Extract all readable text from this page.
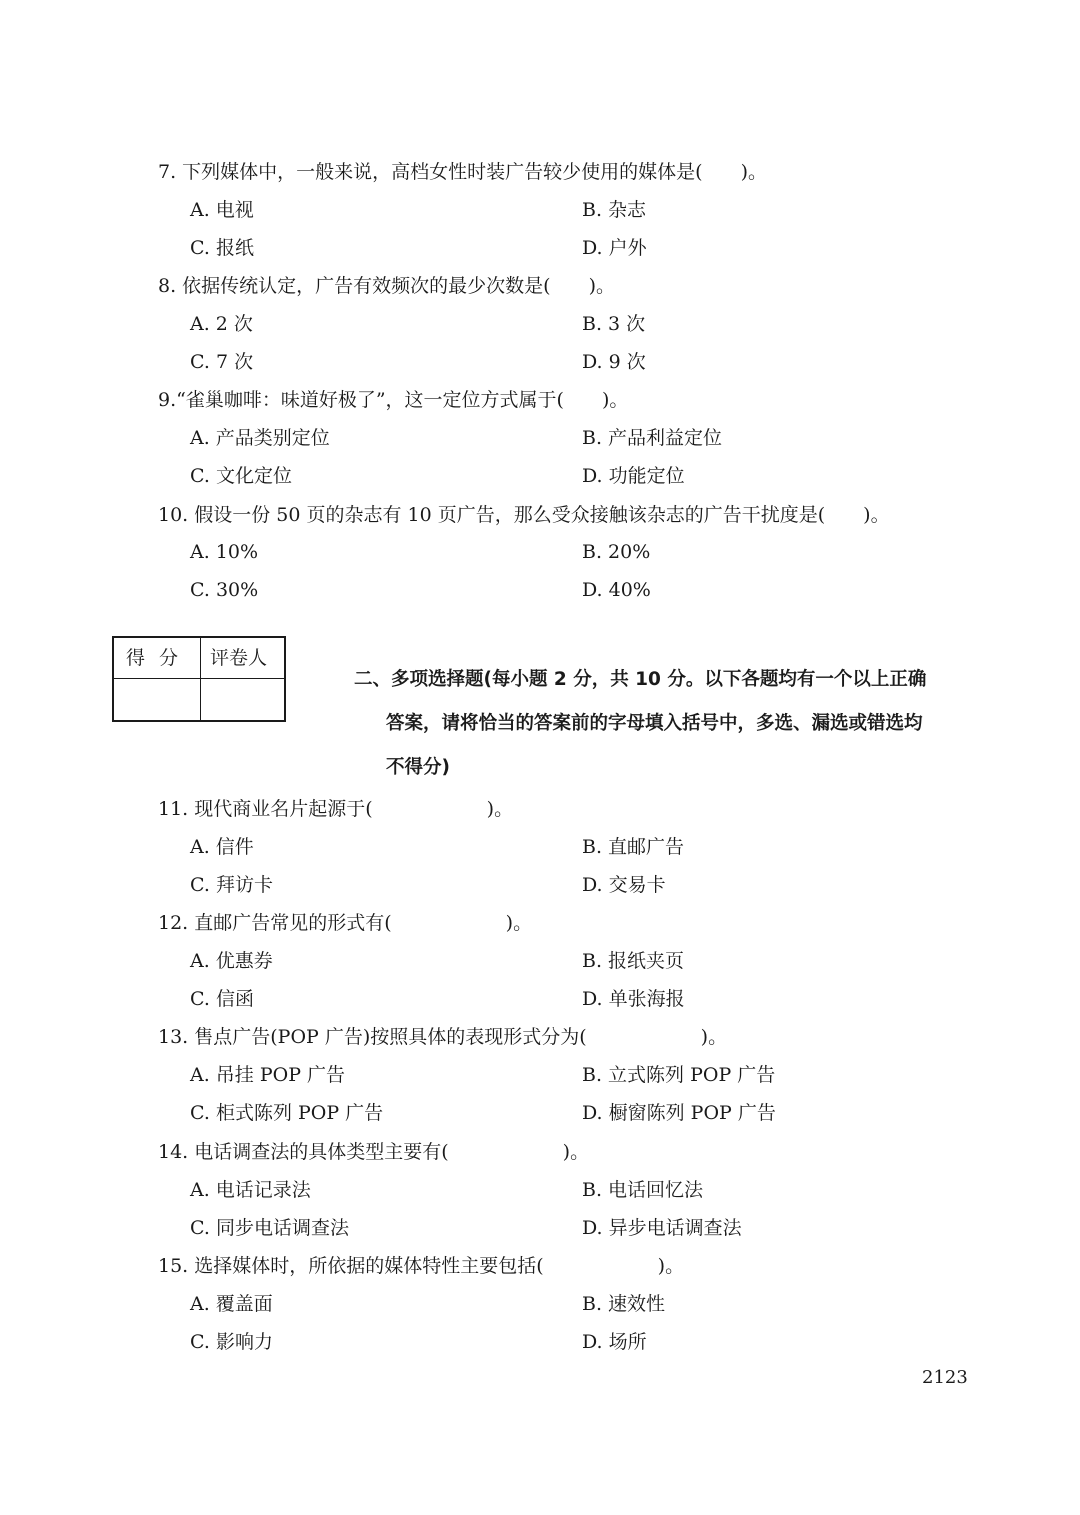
7. 下列媒体中，一般来说，高档女性时装广告较少使用的媒体是(　　)。
A. 电视	B. 杂志
C. 报纸	D. 户外
8. 依据传统认定，广告有效频次的最少次数是(　　)。
A. 2 次	B. 3 次
C. 7 次	D. 9 次
9.“雀巢咖啡：味道好极了”，这一定位方式属于(　　)。
A. 产品类别定位	B. 产品利益定位
C. 文化定位	D. 功能定位
10. 假设一份 50 页的杂志有 10 页广告，那么受众接触该杂志的广告干扰度是(　　)。
A. 10%	B. 20%
C. 30%	D. 40%
得分 评卷人
二、多项选择题(每小题 2 分，共 10 分。以下各题均有一个以上正确
答案，请将恰当的答案前的字母填入括号中，多选、漏选或错选均
不得分)
11. 现代商业名片起源于(　　　　　　)。
A. 信件	B. 直邮广告
C. 拜访卡	D. 交易卡
12. 直邮广告常见的形式有(　　　　　　)。
A. 优惠券	B. 报纸夹页
C. 信函	D. 单张海报
13. 售点广告(POP 广告)按照具体的表现形式分为(　　　　　　)。
A. 吊挂 POP 广告	B. 立式陈列 POP 广告
C. 柜式陈列 POP 广告	D. 橱窗陈列 POP 广告
14. 电话调查法的具体类型主要有(　　　　　　)。
A. 电话记录法	B. 电话回忆法
C. 同步电话调查法	D. 异步电话调查法
15. 选择媒体时，所依据的媒体特性主要包括(　　　　　　)。
A. 覆盖面	B. 速效性
C. 影响力	D. 场所
2123
